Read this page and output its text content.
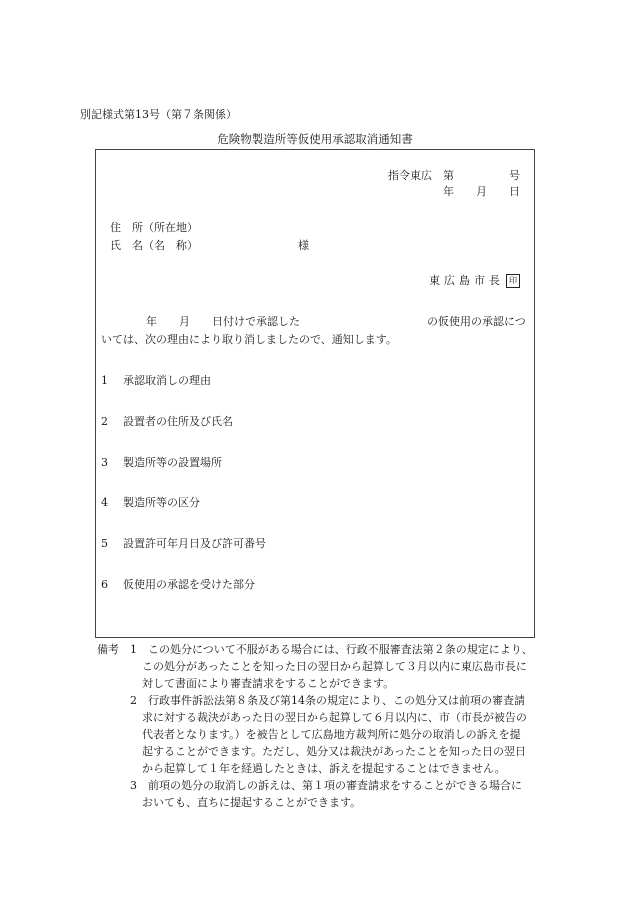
別記様式第13号（第７条関係）
危険物製造所等仮使用承認取消通知書
指令東広　第　　　　　号
年　　月　　日
住　所（所在地）
氏　名（名　称）	様
東広島市長 印
年　　月　　日付けで承認した	の仮使用の承認につ
いては、次の理由により取り消しましたので、通知します。
1 承認取消しの理由
2 設置者の住所及び氏名
3 製造所等の設置場所
4 製造所等の区分
5 設置許可年月日及び許可番号
6 仮使用の承認を受けた部分
備考 1　この処分について不服がある場合には、行政不服審査法第２条の規定により、
この処分があったことを知った日の翌日から起算して３月以内に東広島市長に
対して書面により審査請求をすることができます。
2　行政事件訴訟法第８条及び第14条の規定により、この処分又は前項の審査請
求に対する裁決があった日の翌日から起算して６月以内に、市（市長が被告の
代表者となります。）を被告として広島地方裁判所に処分の取消しの訴えを提
起することができます。ただし、処分又は裁決があったことを知った日の翌日
から起算して１年を経過したときは、訴えを提起することはできません。
3　前項の処分の取消しの訴えは、第１項の審査請求をすることができる場合に
おいても、直ちに提起することができます。
